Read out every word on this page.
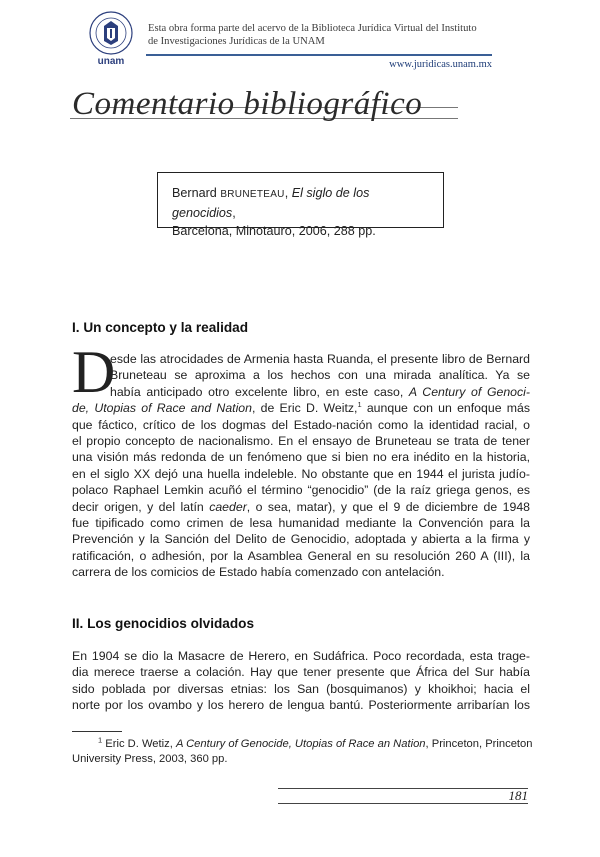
unam
Esta obra forma parte del acervo de la Biblioteca Jurídica Virtual del Instituto
de Investigaciones Jurídicas de la UNAM
www.juridicas.unam.mx
Comentario bibliográfico
Bernard BRUNETEAU, El siglo de los genocidios,
Barcelona, Minotauro, 2006, 288 pp.
I. Un concepto y la realidad
D
esde las atrocidades de Armenia hasta Ruanda, el presente libro de Bernard
Bruneteau se aproxima a los hechos con una mirada analítica. Ya se
había anticipado otro excelente libro, en este caso, A Century of Genoci-
de, Utopias of Race and Nation, de Eric D. Weitz,$^1$ aunque con un enfoque más
que fáctico, crítico de los dogmas del Estado-nación como la identidad racial, o
el propio concepto de nacionalismo. En el ensayo de Bruneteau se trata de tener
una visión más redonda de un fenómeno que si bien no era inédito en la historia,
en el siglo XX dejó una huella indeleble. No obstante que en 1944 el jurista judío-
polaco Raphael Lemkin acuñó el término “genocidio” (de la raíz griega genos, es
decir origen, y del latín caeder, o sea, matar), y que el 9 de diciembre de 1948
fue tipificado como crimen de lesa humanidad mediante la Convención para la
Prevención y la Sanción del Delito de Genocidio, adoptada y abierta a la firma y
ratificación, o adhesión, por la Asamblea General en su resolución 260 A (III), la
carrera de los comicios de Estado había comenzado con antelación.
II. Los genocidios olvidados
En 1904 se dio la Masacre de Herero, en Sudáfrica. Poco recordada, esta trage-
dia merece traerse a colación. Hay que tener presente que África del Sur había
sido poblada por diversas etnias: los San (bosquimanos) y khoikhoi; hacia el
norte por los ovambo y los herero de lengua bantú. Posteriormente arribarían los
$^1$ Eric D. Wetiz, A Century of Genocide, Utopias of Race an Nation, Princeton, Princeton
University Press, 2003, 360 pp.
181
